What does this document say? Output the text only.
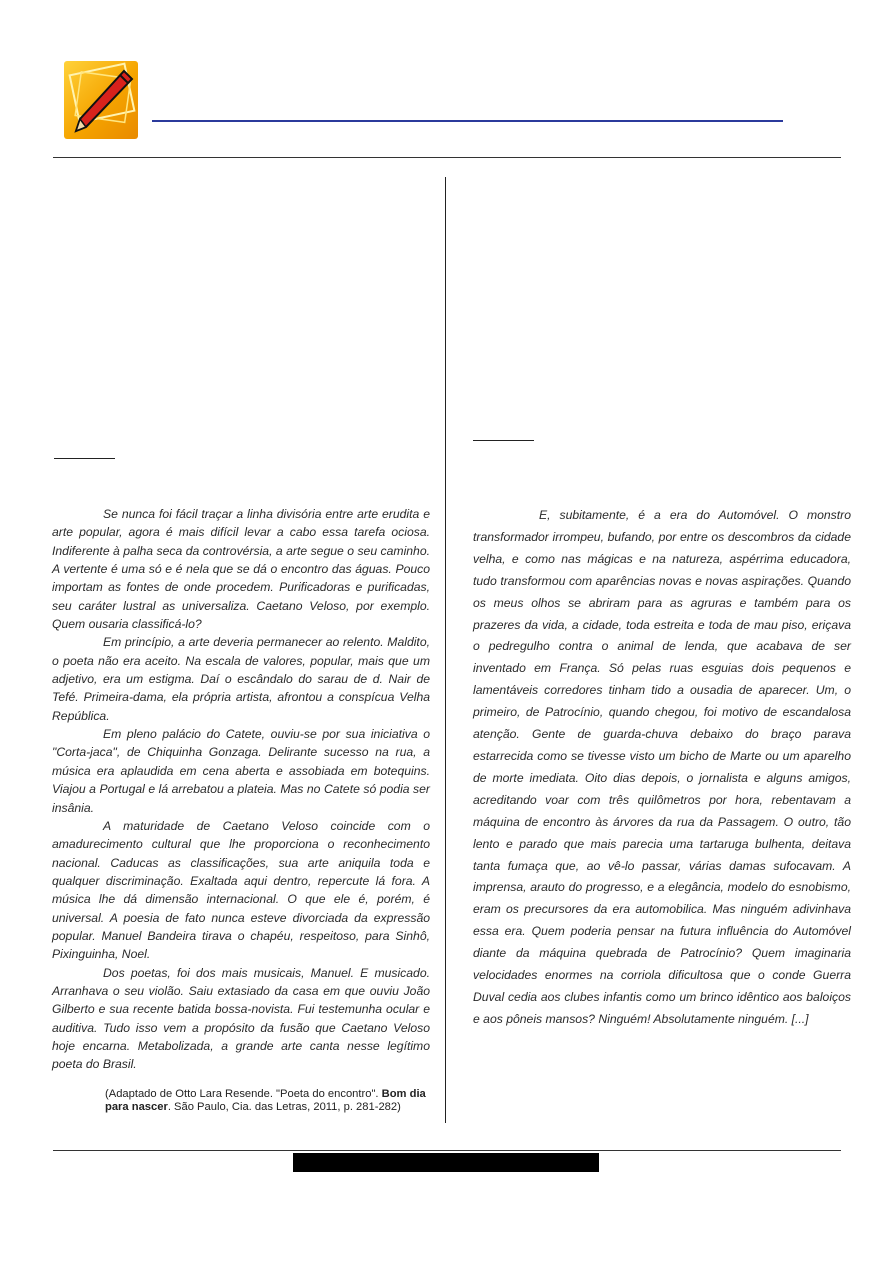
Se nunca foi fácil traçar a linha divisória entre arte erudita e arte popular, agora é mais difícil levar a cabo essa tarefa ociosa. Indiferente à palha seca da controvérsia, a arte segue o seu caminho. A vertente é uma só e é nela que se dá o encontro das águas. Pouco importam as fontes de onde procedem. Purificadoras e purificadas, seu caráter lustral as universaliza. Caetano Veloso, por exemplo. Quem ousaria classificá-lo?

Em princípio, a arte deveria permanecer ao relento. Maldito, o poeta não era aceito. Na escala de valores, popular, mais que um adjetivo, era um estigma. Daí o escândalo do sarau de d. Nair de Tefé. Primeira-dama, ela própria artista, afrontou a conspícua Velha República.

Em pleno palácio do Catete, ouviu-se por sua iniciativa o "Corta-jaca", de Chiquinha Gonzaga. Delirante sucesso na rua, a música era aplaudida em cena aberta e assobiada em botequins. Viajou a Portugal e lá arrebatou a plateia. Mas no Catete só podia ser insânia.

A maturidade de Caetano Veloso coincide com o amadurecimento cultural que lhe proporciona o reconhecimento nacional. Caducas as classificações, sua arte aniquila toda e qualquer discriminação. Exaltada aqui dentro, repercute lá fora. A música lhe dá dimensão internacional. O que ele é, porém, é universal. A poesia de fato nunca esteve divorciada da expressão popular. Manuel Bandeira tirava o chapéu, respeitoso, para Sinhô, Pixinguinha, Noel.

Dos poetas, foi dos mais musicais, Manuel. E musicado. Arranhava o seu violão. Saiu extasiado da casa em que ouviu João Gilberto e sua recente batida bossa-novista. Fui testemunha ocular e auditiva. Tudo isso vem a propósito da fusão que Caetano Veloso hoje encarna. Metabolizada, a grande arte canta nesse legítimo poeta do Brasil.

(Adaptado de Otto Lara Resende. "Poeta do encontro". Bom dia para nascer. São Paulo, Cia. das Letras, 2011, p. 281-282)

E, subitamente, é a era do Automóvel. O monstro transformador irrompeu, bufando, por entre os descombros da cidade velha, e como nas mágicas e na natureza, aspérrima educadora, tudo transformou com aparências novas e novas aspirações. Quando os meus olhos se abriram para as agruras e também para os prazeres da vida, a cidade, toda estreita e toda de mau piso, eriçava o pedregulho contra o animal de lenda, que acabava de ser inventado em França. Só pelas ruas esguias dois pequenos e lamentáveis corredores tinham tido a ousadia de aparecer. Um, o primeiro, de Patrocínio, quando chegou, foi motivo de escandalosa atenção. Gente de guarda-chuva debaixo do braço parava estarrecida como se tivesse visto um bicho de Marte ou um aparelho de morte imediata. Oito dias depois, o jornalista e alguns amigos, acreditando voar com três quilômetros por hora, rebentavam a máquina de encontro às árvores da rua da Passagem. O outro, tão lento e parado que mais parecia uma tartaruga bulhenta, deitava tanta fumaça que, ao vê-lo passar, várias damas sufocavam. A imprensa, arauto do progresso, e a elegância, modelo do esnobismo, eram os precursores da era automobilica. Mas ninguém adivinhava essa era. Quem poderia pensar na futura influência do Automóvel diante da máquina quebrada de Patrocínio? Quem imaginaria velocidades enormes na corriola dificultosa que o conde Guerra Duval cedia aos clubes infantis como um brinco idêntico aos baloiços e aos pôneis mansos? Ninguém! Absolutamente ninguém. [...]
